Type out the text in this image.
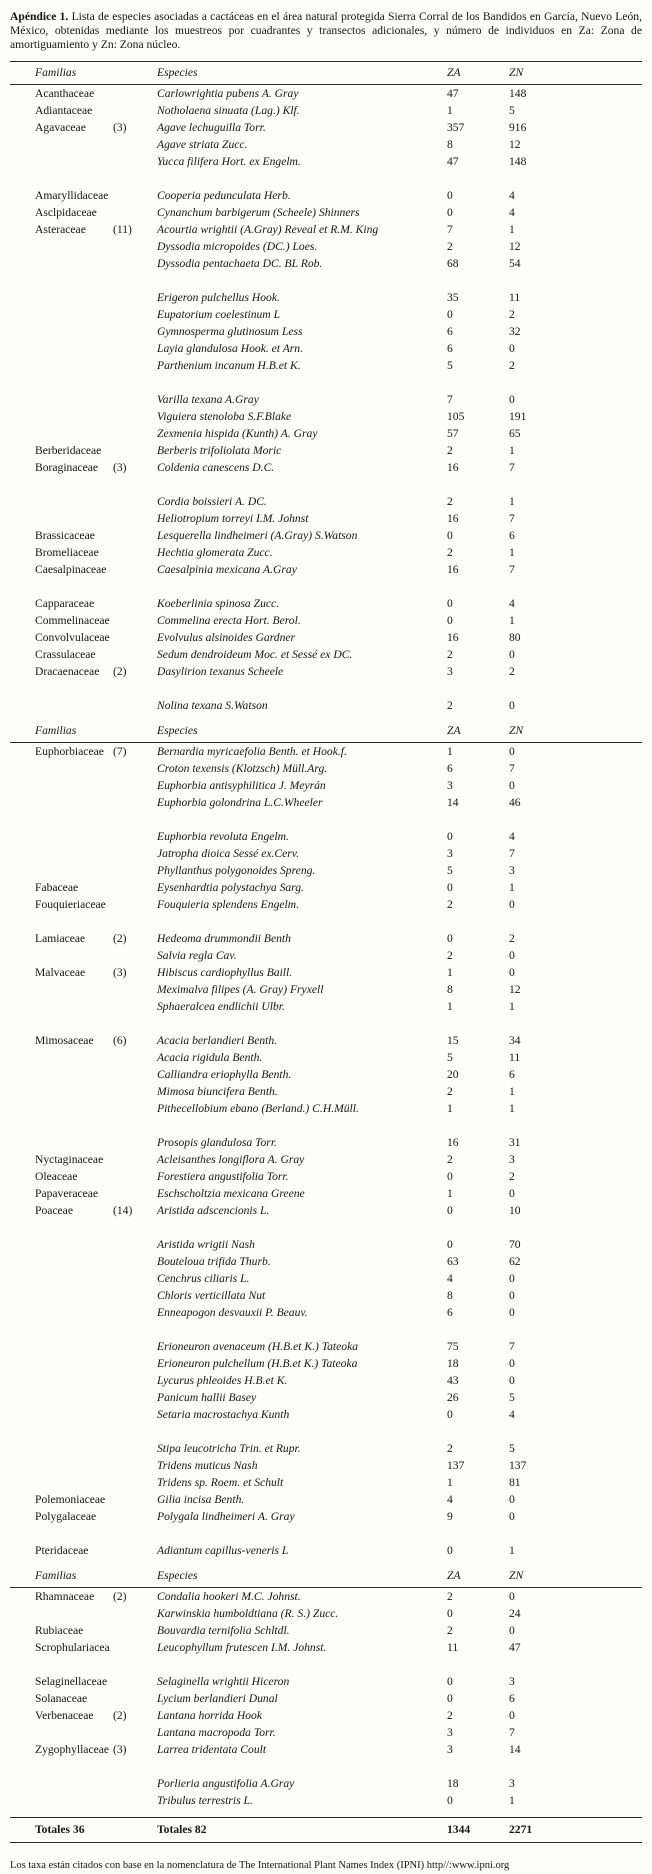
Apéndice 1. Lista de especies asociadas a cactáceas en el área natural protegida Sierra Corral de los Bandidos en García, Nuevo León, México, obtenidas mediante los muestreos por cuadrantes y transectos adicionales, y número de individuos en Za: Zona de amortiguamiento y Zn: Zona núcleo.

Familias	Especies	ZA	ZN
Acanthaceae	Carlowrightia pubens A. Gray	47	148
Adiantaceae	Notholaena sinuata (Lag.) Klf.	1	5
Agavaceae	(3)	Agave lechuguilla Torr.	357	916
Agave striata Zucc.	8	12
Yucca filifera Hort. ex Engelm.	47	148
Amaryllidaceae	Cooperia pedunculata Herb.	0	4
Asclpidaceae	Cynanchum barbigerum (Scheele) Shinners	0	4
Asteraceae	(11)	Acourtia wrightii (A.Gray) Reveal et R.M. King	7	1
Dyssodia micropoides (DC.) Loes.	2	12
Dyssodia pentachaeta DC. BL Rob.	68	54
Erigeron pulchellus Hook.	35	11
Eupatorium coelestinum L	0	2
Gymnosperma glutinosum Less	6	32
Layia glandulosa Hook. et Arn.	6	0
Parthenium incanum H.B.et K.	5	2
Varilla texana A.Gray	7	0
Viguiera stenoloba S.F.Blake	105	191
Zexmenia hispida (Kunth) A. Gray	57	65
Berberidaceae	Berberis trifoliolata Moric	2	1
Boraginaceae	(3)	Coldenia canescens D.C.	16	7
Cordia boissieri A. DC.	2	1
Heliotropium torreyi I.M. Johnst	16	7
Brassicaceae	Lesquerella lindheimeri (A.Gray) S.Watson	0	6
Bromeliaceae	Hechtia glomerata Zucc.	2	1
Caesalpinaceae	Caesalpinia mexicana A.Gray	16	7
Capparaceae	Koeberlinia spinosa Zucc.	0	4
Commelinaceae	Commelina erecta Hort. Berol.	0	1
Convolvulaceae	Evolvulus alsinoides Gardner	16	80
Crassulaceae	Sedum dendroideum Moc. et Sessé ex DC.	2	0
Dracaenaceae	(2)	Dasylirion texanus Scheele	3	2
Nolina texana S.Watson	2	0
Familias	Especies	ZA	ZN
Euphorbiaceae (7)	Bernardia myricaefolia Benth. et Hook.f.	1	0
Croton texensis (Klotzsch) Müll.Arg.	6	7
Euphorbia antisyphilitica J. Meyrán	3	0
Euphorbia golondrina L.C.Wheeler	14	46
Euphorbia revoluta Engelm.	0	4
Jatropha dioica Sessé ex.Cerv.	3	7
Phyllanthus polygonoides Spreng.	5	3
Fabaceae	Eysenhardtia polystachya Sarg.	0	1
Fouquieriaceae	Fouquieria splendens Engelm.	2	0
Lamiaceae	(2)	Hedeoma drummondii Benth	0	2
Salvia regla Cav.	2	0
Malvaceae	(3)	Hibiscus cardiophyllus Baill.	1	0
Meximalva filipes (A. Gray) Fryxell	8	12
Sphaeralcea endlichii Ulbr.	1	1
Mimosaceae	(6)	Acacia berlandieri Benth.	15	34
Acacia rigidula Benth.	5	11
Calliandra eriophylla Benth.	20	6
Mimosa biuncifera Benth.	2	1
Pithecellobium ebano (Berland.) C.H.Müll.	1	1
Prosopis glandulosa Torr.	16	31
Nyctaginaceae	Acleisanthes longiflora A. Gray	2	3
Oleaceae	Forestiera angustifolia Torr.	0	2
Papaveraceae	Eschscholtzia mexicana Greene	1	0
Poaceae	(14)	Aristida adscencionis L.	0	10
Aristida wrigtii Nash	0	70
Bouteloua trifida Thurb.	63	62
Cenchrus ciliaris L.	4	0
Chloris verticillata Nut	8	0
Enneapogon desvauxii P. Beauv.	6	0
Erioneuron avenaceum (H.B.et K.) Tateoka	75	7
Erioneuron pulchellum (H.B.et K.) Tateoka	18	0
Lycurus phleoides H.B.et K.	43	0
Panicum hallii Basey	26	5
Setaria macrostachya Kunth	0	4
Stipa leucotricha Trin. et Rupr.	2	5
Tridens muticus Nash	137	137
Tridens sp. Roem. et Schult	1	81
Polemoniaceae	Gilia incisa Benth.	4	0
Polygalaceae	Polygala lindheimeri A. Gray	9	0
Pteridaceae	Adiantum capillus-veneris L	0	1
Familias	Especies	ZA	ZN
Rhamnaceae	(2)	Condalia hookeri M.C. Johnst.	2	0
Karwinskia humboldtiana (R. S.) Zucc.	0	24
Rubiaceae	Bouvardia ternifolia Schltdl.	2	0
Scrophulariacea	Leucophyllum frutescen I.M. Johnst.	11	47
Selaginellaceae	Selaginella wrightii Hiceron	0	3
Solanaceae	Lycium berlandieri Dunal	0	6
Verbenaceae	(2)	Lantana horrida Hook	2	0
Lantana macropoda Torr.	3	7
Zygophyllaceae (3)	Larrea tridentata Coult	3	14
Porlieria angustifolia A.Gray	18	3
Tribulus terrestris L.	0	1
Totales 36	Totales 82	1344	2271
Los taxa están citados con base en la nomenclatura de The International Plant Names Index (IPNI) http//:www.ipni.org
